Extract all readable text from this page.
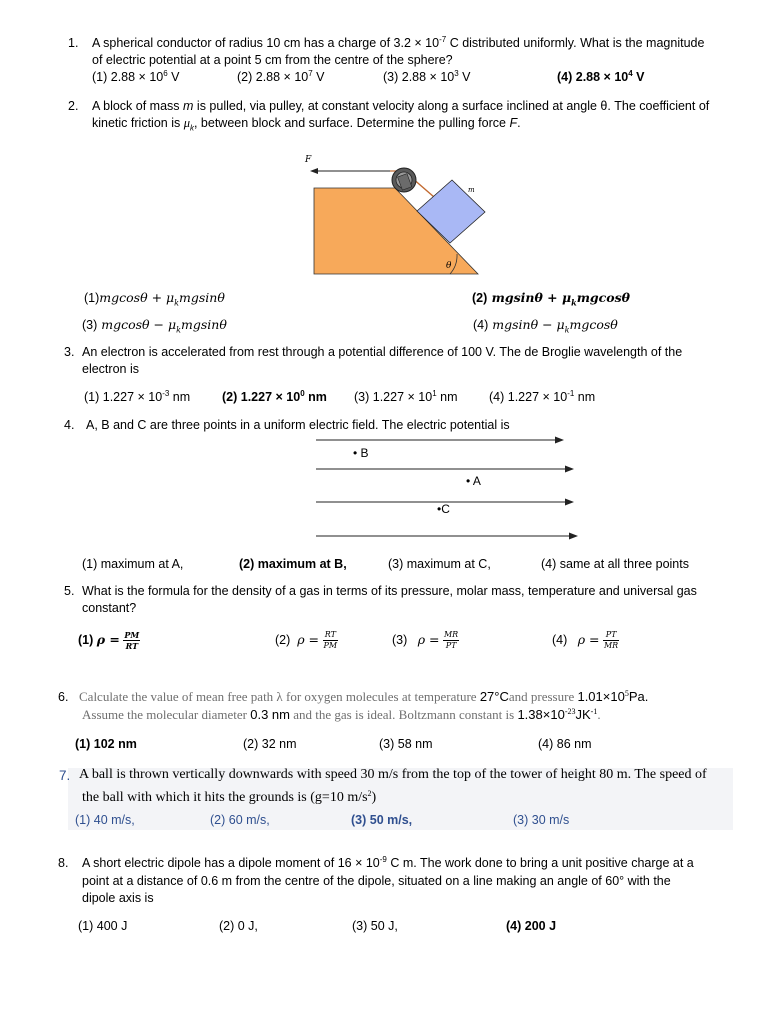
1. A spherical conductor of radius 10 cm has a charge of $3.2 \times 10^{-7}$ C distributed uniformly. What is the magnitude
of electric potential at a point 5 cm from the centre of the sphere?
(1) $2.88 \times 10^6$ V	(2) $2.88 \times 10^7$ V	(3) $2.88 \times 10^3$ V	(4) $2.88 \times 10^4$ V
2. A block of mass m is pulled, via pulley, at constant velocity along a surface inclined at angle θ. The coefficient of
kinetic friction is $\mu_k$, between block and surface. Determine the pulling force F.
F
m
θ
$(1)mgcos\theta + \mu_kmgsin\theta$	(2) $mgsin\theta + \mu_kmgcos\theta$
(3) $mgcos\theta - \mu_kmgsin\theta$	(4) $mgsin\theta - \mu_kmgcos\theta$
3. An electron is accelerated from rest through a potential difference of 100 V. The de Broglie wavelength of the
electron is
(1) $1.227 \times 10^{-3}$ nm	(2) $1.227 \times 10^0$ nm (3) $1.227 \times 10^1$ nm	(4) $1.227 \times 10^{-1}$ nm
4. A, B and C are three points in a uniform electric field. The electric potential is
• B
• A
•C
(1) maximum at A,	(2) maximum at B,	(3) maximum at C,	(4) same at all three points
5. What is the formula for the density of a gas in terms of its pressure, molar mass, temperature and universal gas
constant?
(1) $\rho = \frac{PM}{RT}$	(2) $\rho = \frac{RT}{PM}$	(3) $\rho = \frac{MR}{PT}$	(4) $\rho = \frac{PT}{MR}$
6. Calculate the value of mean free path λ for oxygen molecules at temperature 27°Cand pressure $1.01\times 10^5Pa$.
Assume the molecular diameter 0.3 nm and the gas is ideal. Boltzmann constant is $1.38\times 10^{-23}JK^{-1}$.
(1) 102 nm	(2) 32 nm	(3) 58 nm	(4) 86 nm
7. A ball is thrown vertically downwards with speed 30 m/s from the top of the tower of height 80 m. The speed of
the ball with which it hits the grounds is (g=10 $m/s^2$)
(1) 40 m/s,	(2) 60 m/s,	(3) 50 m/s,	(3) 30 m/s
8. A short electric dipole has a dipole moment of $16 \times 10^{-9}$ C m. The work done to bring a unit positive charge at a
point at a distance of 0.6 m from the centre of the dipole, situated on a line making an angle of 60° with the
dipole axis is
(1) 400 J	(2) 0 J,	(3) 50 J,	(4) 200 J
